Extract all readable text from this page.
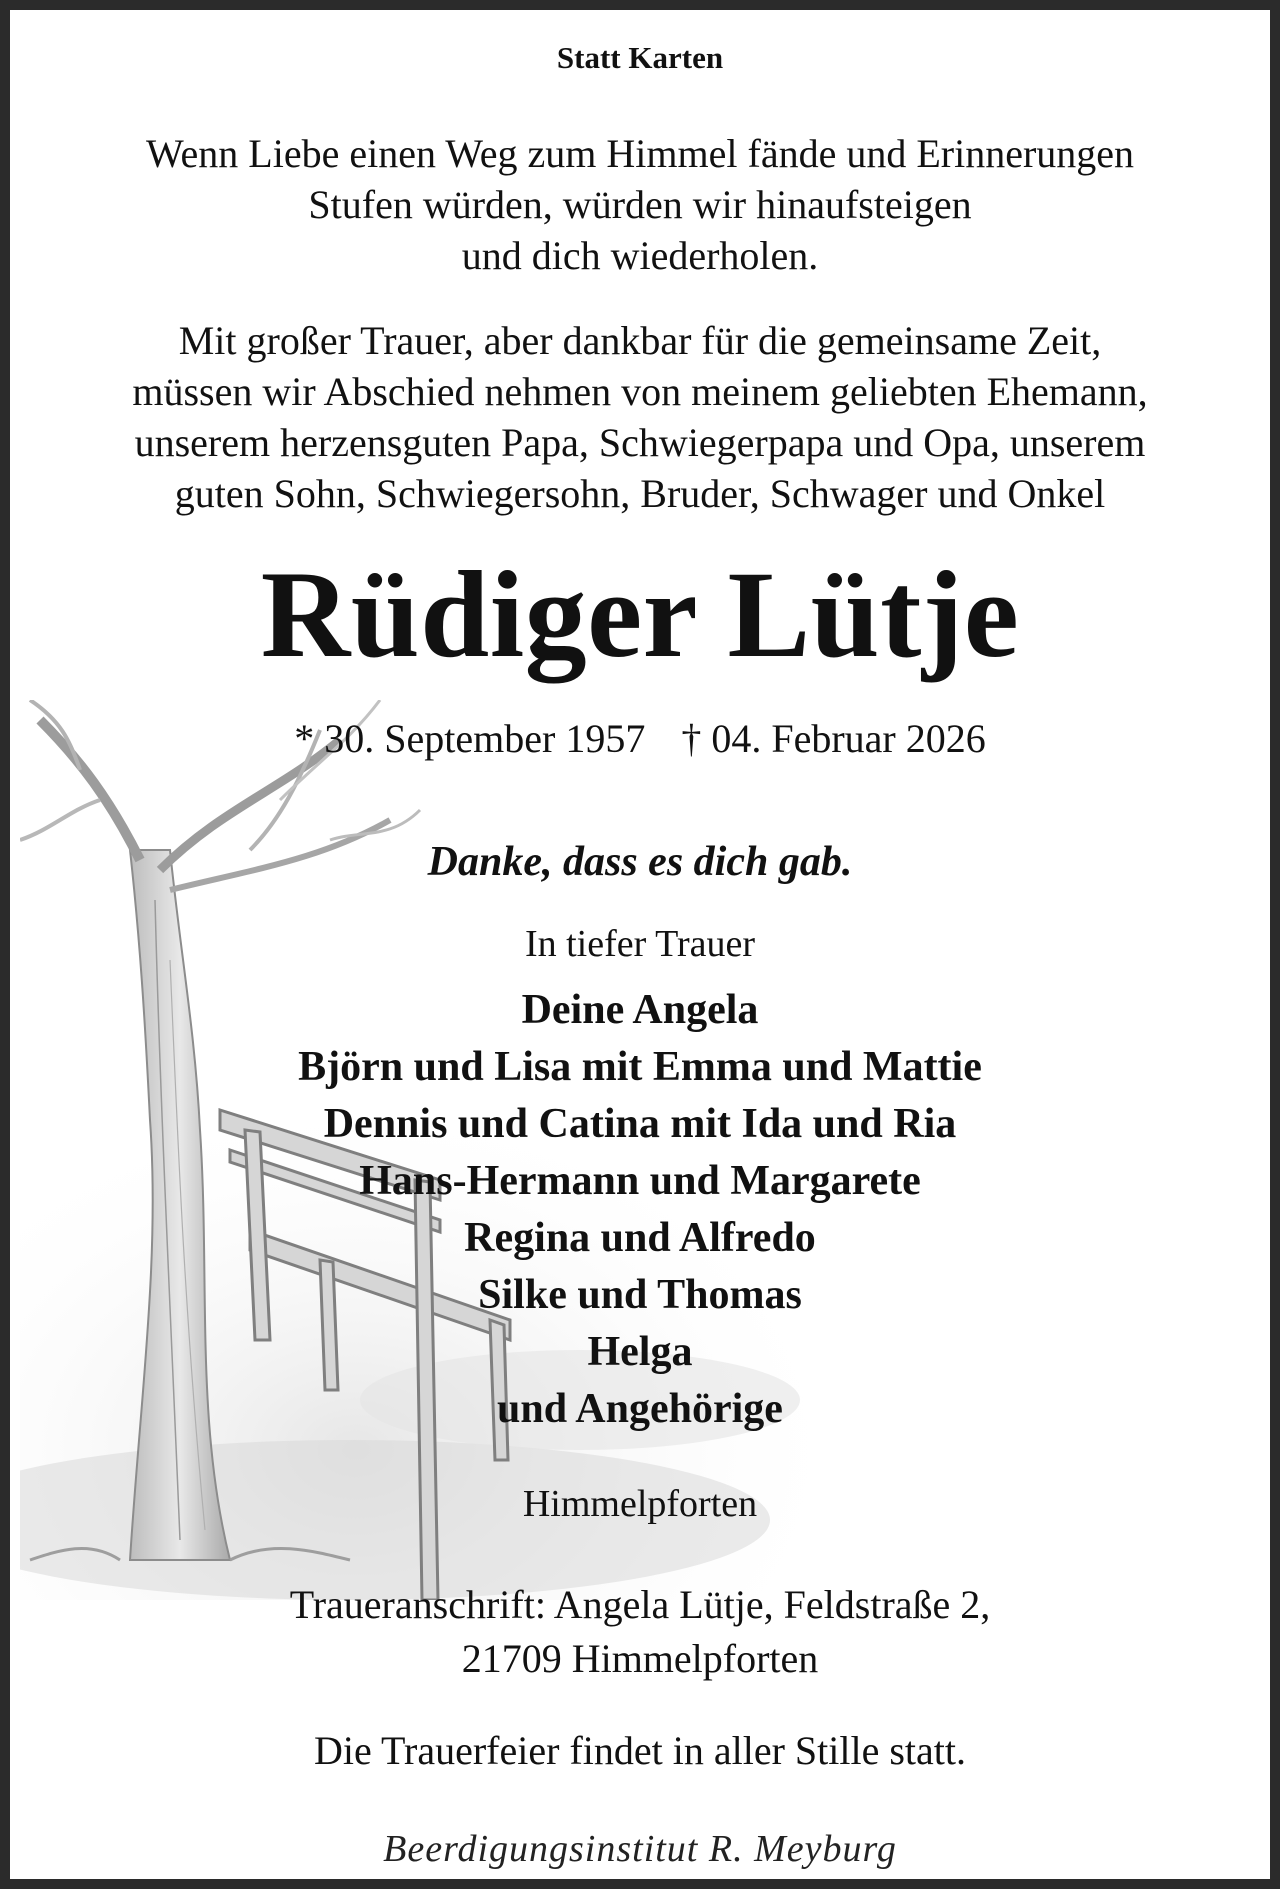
Statt Karten
Wenn Liebe einen Weg zum Himmel fände und Erinnerungen
Stufen würden, würden wir hinaufsteigen
und dich wiederholen.
Mit großer Trauer, aber dankbar für die gemeinsame Zeit,
müssen wir Abschied nehmen von meinem geliebten Ehemann,
unserem herzensguten Papa, Schwiegerpapa und Opa, unserem
guten Sohn, Schwiegersohn, Bruder, Schwager und Onkel
Rüdiger Lütje
* 30. September 1957 † 04. Februar 2026
Danke, dass es dich gab.
In tiefer Trauer
Deine Angela
Björn und Lisa mit Emma und Mattie
Dennis und Catina mit Ida und Ria
Hans-Hermann und Margarete
Regina und Alfredo
Silke und Thomas
Helga
und Angehörige
Himmelpforten
Traueranschrift: Angela Lütje, Feldstraße 2,
21709 Himmelpforten
Die Trauerfeier findet in aller Stille statt.
Beerdigungsinstitut R. Meyburg
